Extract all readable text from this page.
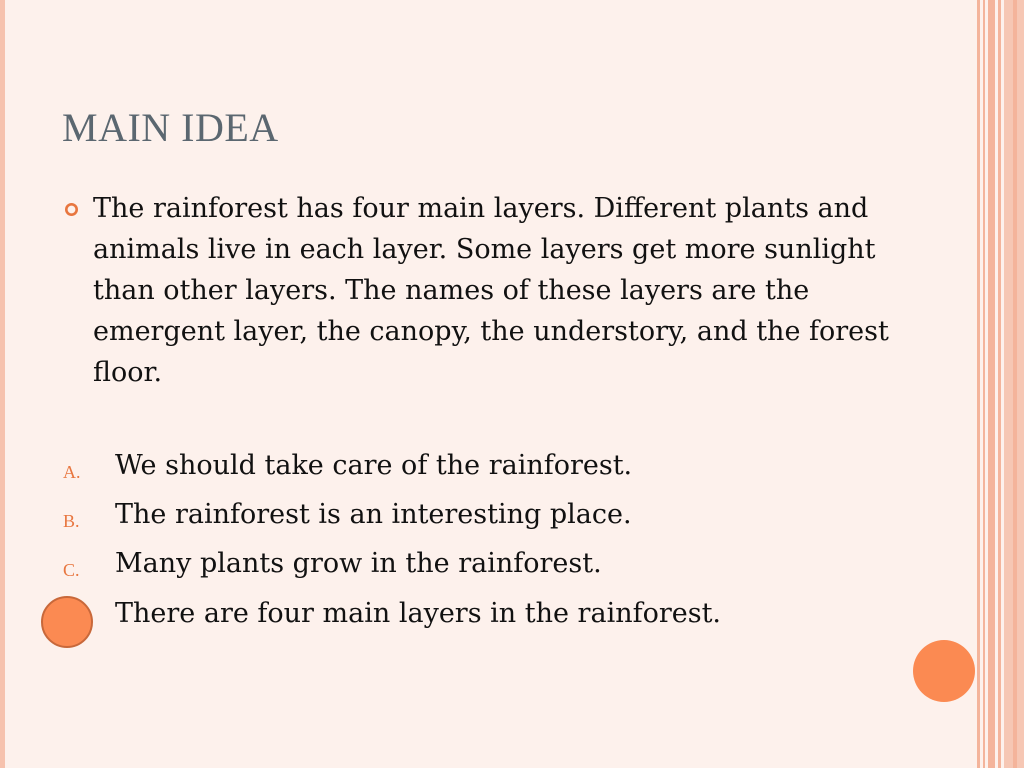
MAIN IDEA

The rainforest has four main layers. Different plants and animals live in each layer. Some layers get more sunlight than other layers. The names of these layers are the emergent layer, the canopy, the understory, and the forest floor.

A. We should take care of the rainforest.
B. The rainforest is an interesting place.
C. Many plants grow in the rainforest.
There are four main layers in the rainforest.
